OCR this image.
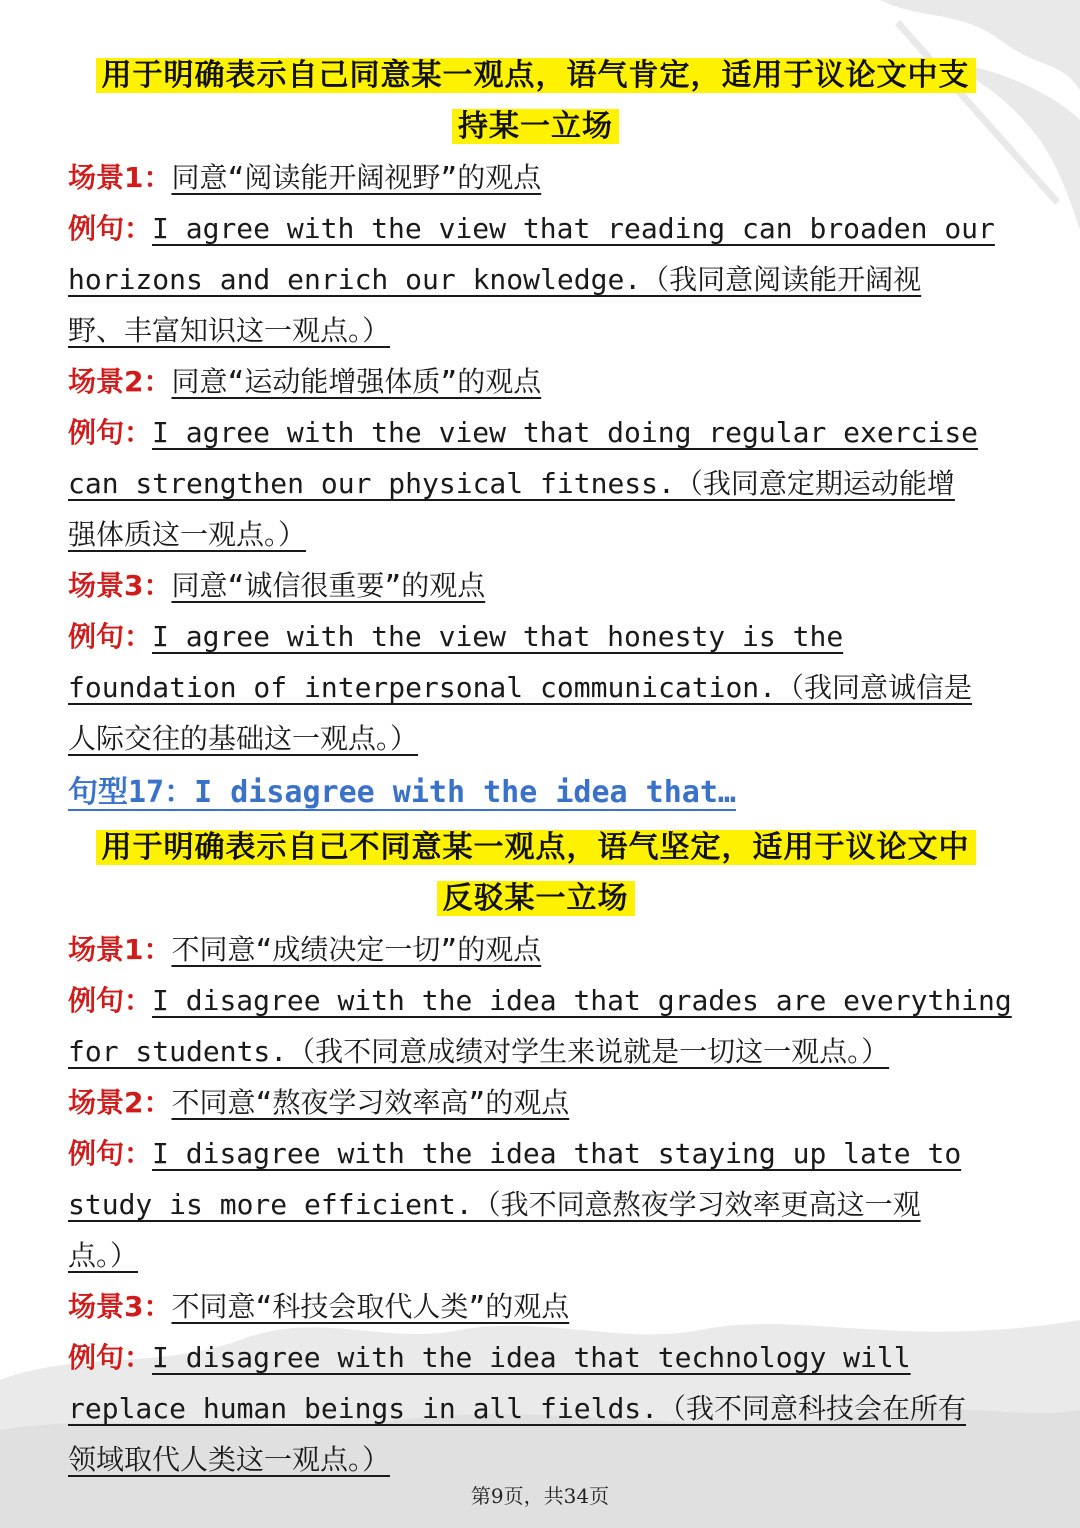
用于明确表示自己同意某一观点，语气肯定，适用于议论文中支
持某一立场
场景1：同意“阅读能开阔视野”的观点
例句：I agree with the view that reading can broaden our
horizons and enrich our knowledge.（我同意阅读能开阔视
野、丰富知识这一观点。）
场景2：同意“运动能增强体质”的观点
例句：I agree with the view that doing regular exercise
can strengthen our physical fitness.（我同意定期运动能增
强体质这一观点。）
场景3：同意“诚信很重要”的观点
例句：I agree with the view that honesty is the
foundation of interpersonal communication.（我同意诚信是
人际交往的基础这一观点。）
句型17：I disagree with the idea that…
用于明确表示自己不同意某一观点，语气坚定，适用于议论文中
反驳某一立场
场景1：不同意“成绩决定一切”的观点
例句：I disagree with the idea that grades are everything
for students.（我不同意成绩对学生来说就是一切这一观点。）
场景2：不同意“熬夜学习效率高”的观点
例句：I disagree with the idea that staying up late to
study is more efficient.（我不同意熬夜学习效率更高这一观
点。）
场景3：不同意“科技会取代人类”的观点
例句：I disagree with the idea that technology will
replace human beings in all fields.（我不同意科技会在所有
领域取代人类这一观点。）
第9页，共34页
